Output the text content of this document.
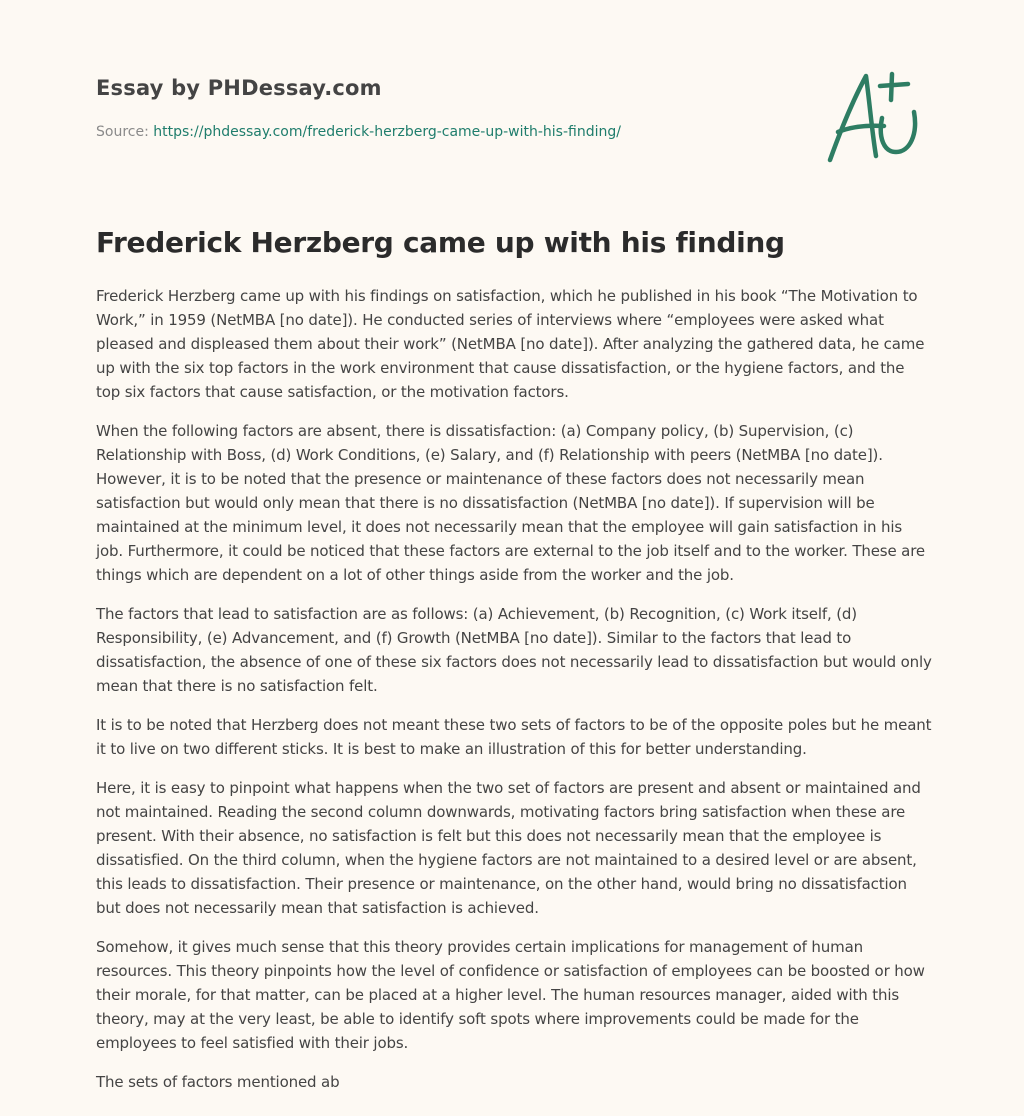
Essay by PHDessay.com
Source: https://phdessay.com/frederick-herzberg-came-up-with-his-finding/
Frederick Herzberg came up with his finding

Frederick Herzberg came up with his findings on satisfaction, which he published in his book “The Motivation to Work,” in 1959 (NetMBA [no date]). He conducted series of interviews where “employees were asked what pleased and displeased them about their work” (NetMBA [no date]). After analyzing the gathered data, he came up with the six top factors in the work environment that cause dissatisfaction, or the hygiene factors, and the top six factors that cause satisfaction, or the motivation factors.

When the following factors are absent, there is dissatisfaction: (a) Company policy, (b) Supervision, (c) Relationship with Boss, (d) Work Conditions, (e) Salary, and (f) Relationship with peers (NetMBA [no date]). However, it is to be noted that the presence or maintenance of these factors does not necessarily mean satisfaction but would only mean that there is no dissatisfaction (NetMBA [no date]). If supervision will be maintained at the minimum level, it does not necessarily mean that the employee will gain satisfaction in his job. Furthermore, it could be noticed that these factors are external to the job itself and to the worker. These are things which are dependent on a lot of other things aside from the worker and the job.

The factors that lead to satisfaction are as follows: (a) Achievement, (b) Recognition, (c) Work itself, (d) Responsibility, (e) Advancement, and (f) Growth (NetMBA [no date]). Similar to the factors that lead to dissatisfaction, the absence of one of these six factors does not necessarily lead to dissatisfaction but would only mean that there is no satisfaction felt.

It is to be noted that Herzberg does not meant these two sets of factors to be of the opposite poles but he meant it to live on two different sticks. It is best to make an illustration of this for better understanding.

Here, it is easy to pinpoint what happens when the two set of factors are present and absent or maintained and not maintained. Reading the second column downwards, motivating factors bring satisfaction when these are present. With their absence, no satisfaction is felt but this does not necessarily mean that the employee is dissatisfied. On the third column, when the hygiene factors are not maintained to a desired level or are absent, this leads to dissatisfaction. Their presence or maintenance, on the other hand, would bring no dissatisfaction but does not necessarily mean that satisfaction is achieved.

Somehow, it gives much sense that this theory provides certain implications for management of human resources. This theory pinpoints how the level of confidence or satisfaction of employees can be boosted or how their morale, for that matter, can be placed at a higher level. The human resources manager, aided with this theory, may at the very least, be able to identify soft spots where improvements could be made for the employees to feel satisfied with their jobs.

The sets of factors mentioned ab
